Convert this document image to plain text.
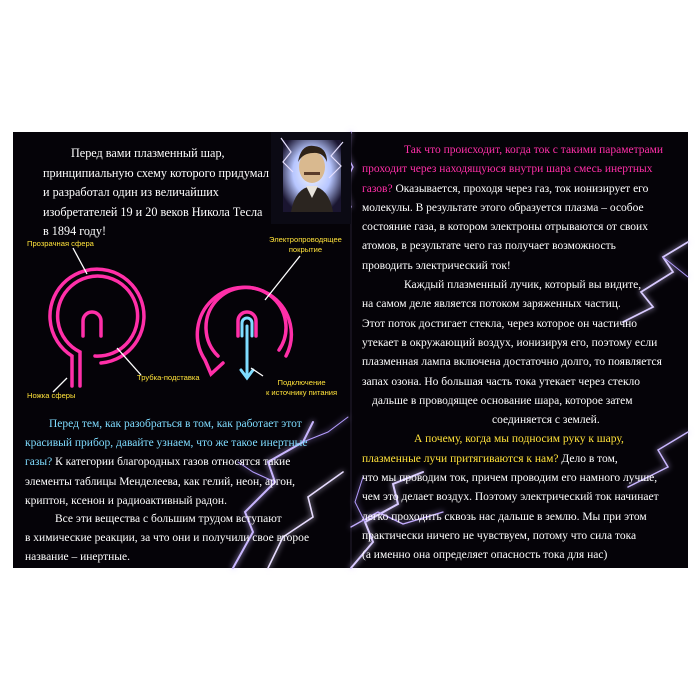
Перед вами плазменный шар,

принципиальную схему которого придумал

и разработал один из величайших

изобретателей 19 и 20 веков Никола Тесла

в 1894 году!

Прозрачная сфера	Электропроводящее
покрытие
Трубка-подставка
Ножка сферы
Подключение
к источнику питания

Перед тем, как разобраться в том, как работает этот

красивый прибор, давайте узнаем, что же такое инертные

газы? К категории благородных газов относятся такие

элементы таблицы Менделеева, как гелий, неон, аргон,

криптон, ксенон и радиоактивный радон.

Все эти вещества с большим трудом вступают

в химические реакции, за что они и получили свое второе

название – инертные.

Так что происходит, когда ток с такими параметрами

проходит через находящуюся внутри шара смесь инертных

газов? Оказывается, проходя через газ, ток ионизирует его

молекулы. В результате этого образуется плазма – особое

состояние газа, в котором электроны отрываются от своих

атомов, в результате чего газ получает возможность

проводить электрический ток!

Каждый плазменный лучик, который вы видите,

на самом деле является потоком заряженных частиц.

Этот поток достигает стекла, через которое он частично

утекает в окружающий воздух, ионизируя его, поэтому если

плазменная лампа включена достаточно долго, то появляется

запах озона. Но большая часть тока утекает через стекло

дальше в проводящее основание шара, которое затем

соединяется с землей.

А почему, когда мы подносим руку к шару,

плазменные лучи притягиваются к нам? Дело в том,

что мы проводим ток, причем проводим его намного лучше,

чем это делает воздух. Поэтому электрический ток начинает

легко проходить сквозь нас дальше в землю. Мы при этом

практически ничего не чувствуем, потому что сила тока

(а именно она определяет опасность тока для нас)

оказывается очень маленькой.
